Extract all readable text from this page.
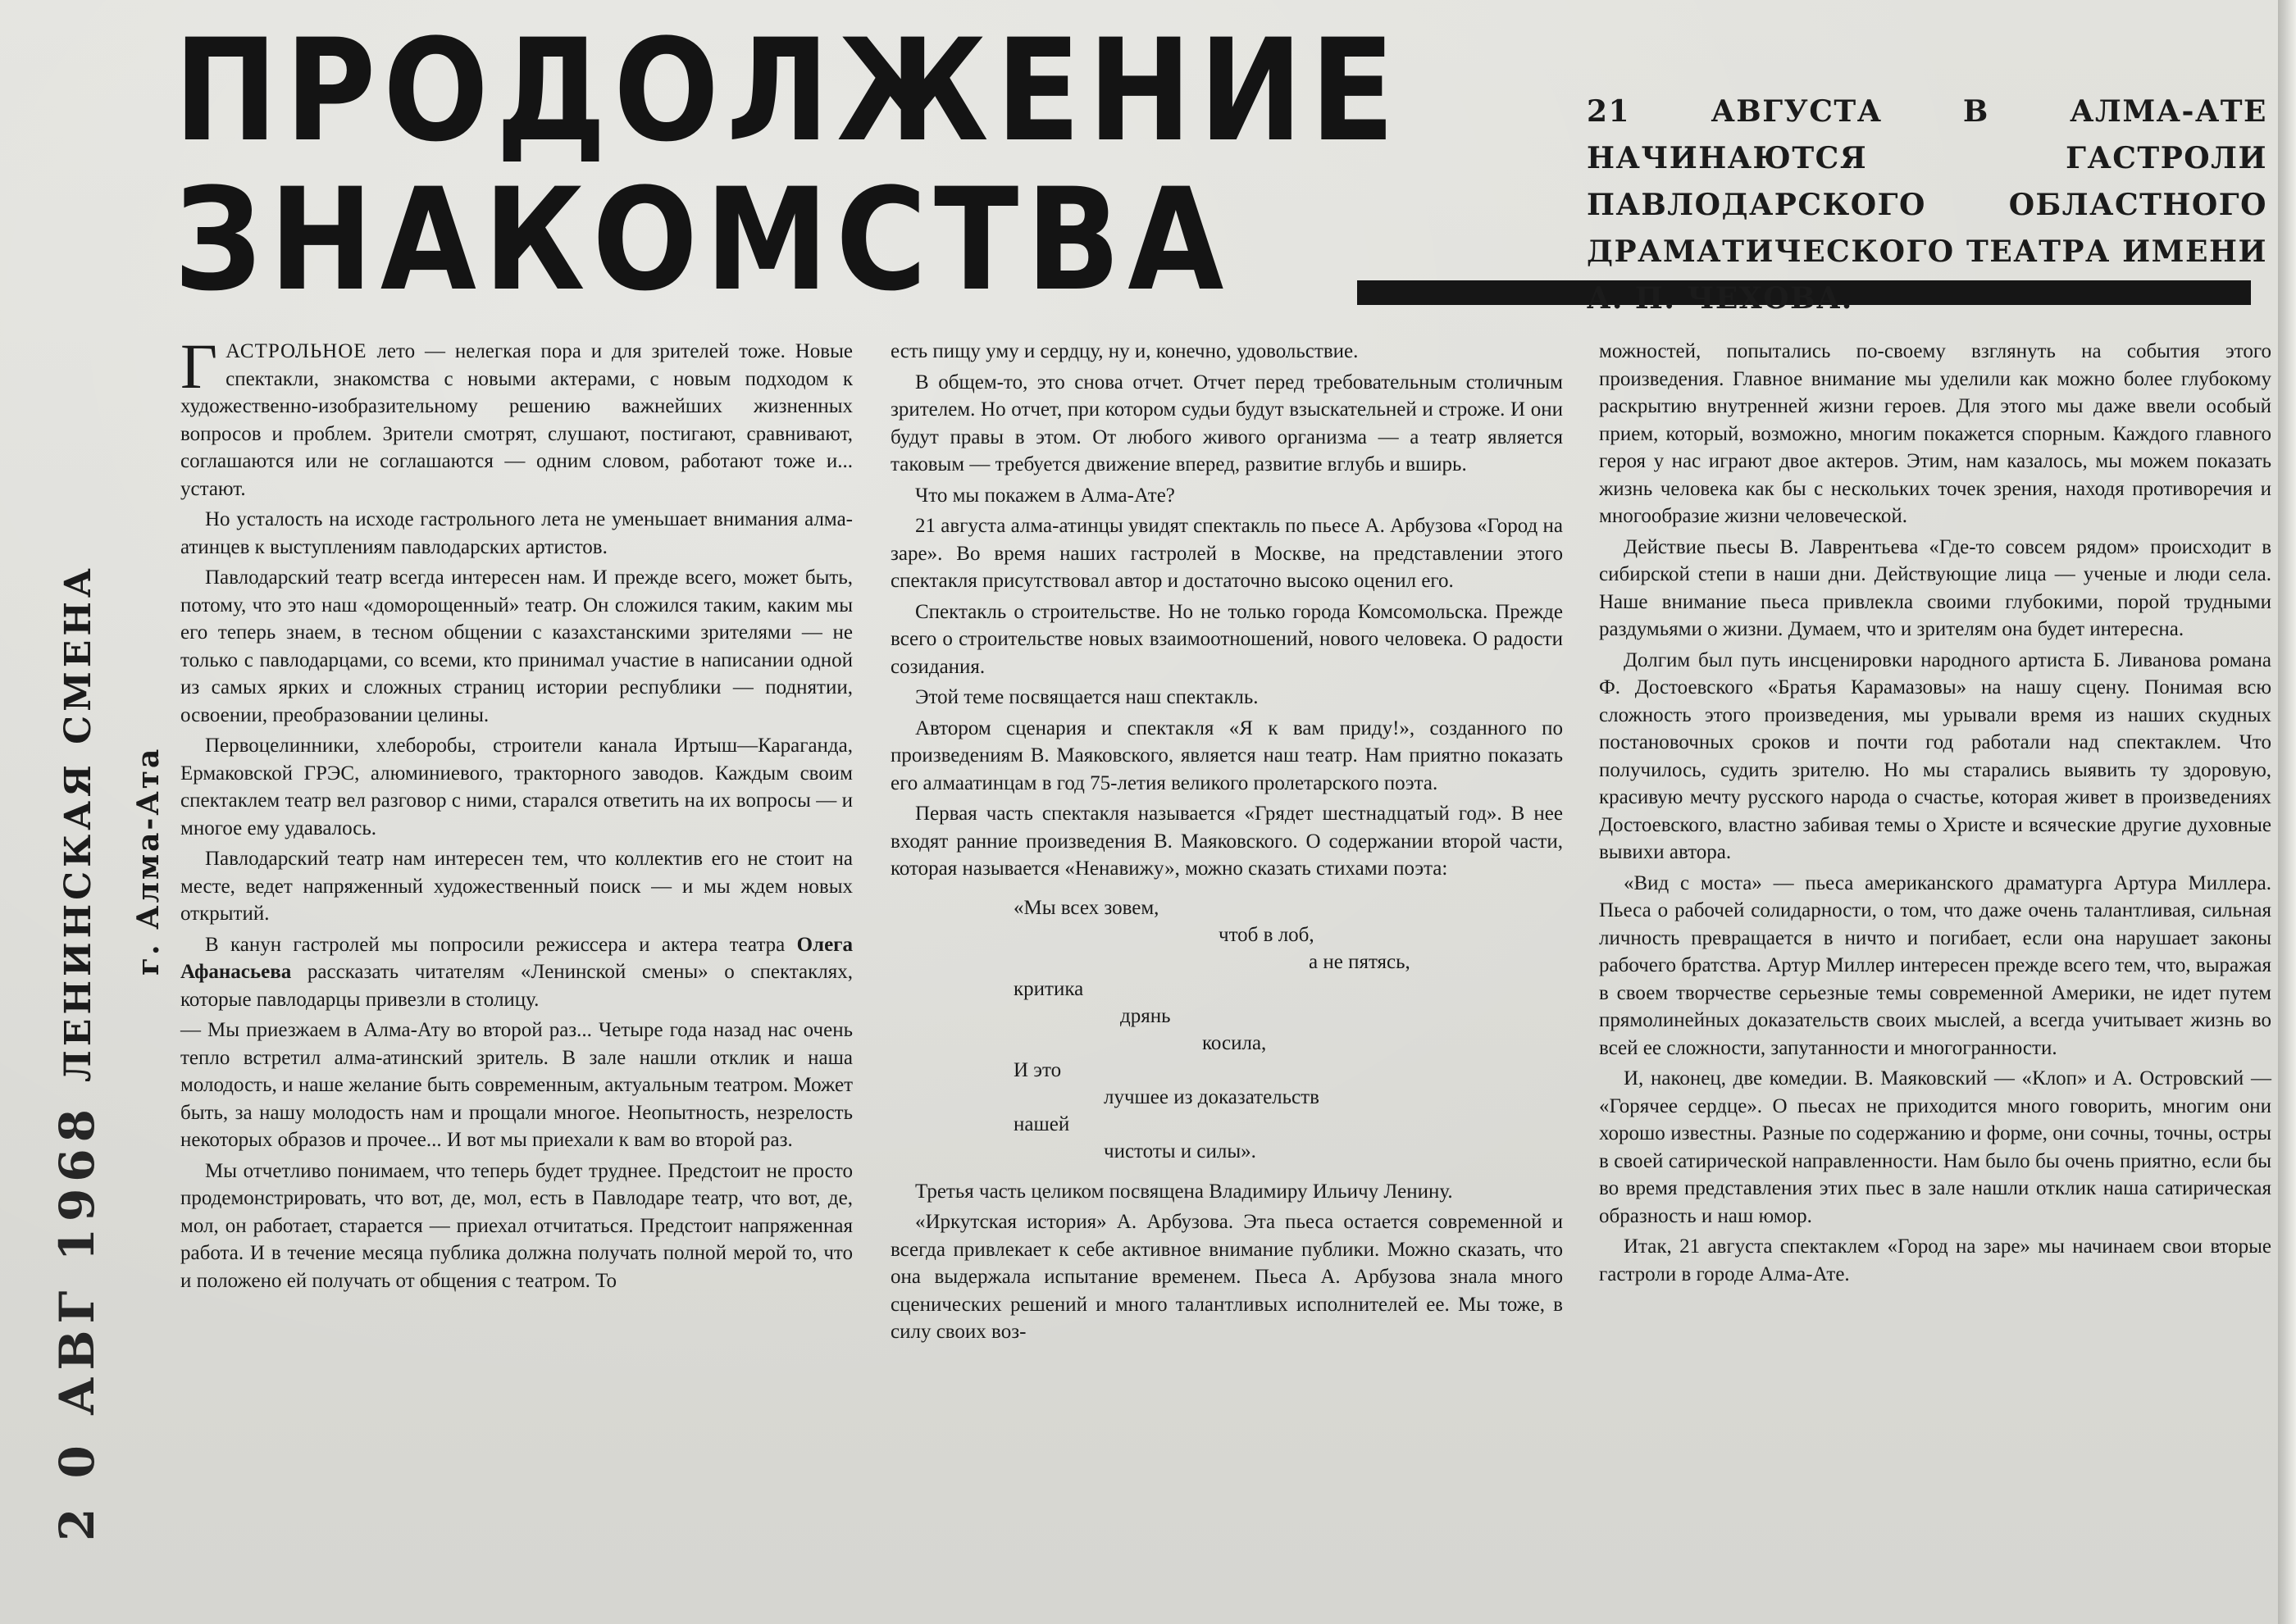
ПРОДОЛЖЕНИЕ
ЗНАКОМСТВА

21 АВГУСТА В АЛМА-АТЕ НАЧИНАЮТСЯ ГАСТРОЛИ ПАВЛОДАРСКОГО ОБЛАСТНОГО ДРАМАТИЧЕСКОГО ТЕАТРА ИМЕНИ А. П. ЧЕХОВА.

ЛЕНИНСКАЯ СМЕНА г. Алма-Ата
2 0 АВГ 1968

ГАСТРОЛЬНОЕ лето — нелегкая пора и для зрителей тоже. Новые спектакли, знакомства с новыми актерами, с новым подходом к художественно-изобразительному решению важнейших жизненных вопросов и проблем. Зрители смотрят, слушают, постигают, сравнивают, соглашаются или не соглашаются — одним словом, работают тоже и... устают.

Но усталость на исходе гастрольного лета не уменьшает внимания алма-атинцев к выступлениям павлодарских артистов.

Павлодарский театр всегда интересен нам. И прежде всего, может быть, потому, что это наш «доморощенный» театр. Он сложился таким, каким мы его теперь знаем, в тесном общении с казахстанскими зрителями — не только с павлодарцами, со всеми, кто принимал участие в написании одной из самых ярких и сложных страниц истории республики — поднятии, освоении, преобразовании целины.

Первоцелинники, хлеборобы, строители канала Иртыш—Караганда, Ермаковской ГРЭС, алюминиевого, тракторного заводов. Каждым своим спектаклем театр вел разговор с ними, старался ответить на их вопросы — и многое ему удавалось.

Павлодарский театр нам интересен тем, что коллектив его не стоит на месте, ведет напряженный художественный поиск — и мы ждем новых открытий.

В канун гастролей мы попросили режиссера и актера театра Олега Афанасьева рассказать читателям «Ленинской смены» о спектаклях, которые павлодарцы привезли в столицу.

— Мы приезжаем в Алма-Ату во второй раз... Четыре года назад нас очень тепло встретил алма-атинский зритель. В зале нашли отклик и наша молодость, и наше желание быть современным, актуальным театром. Может быть, за нашу молодость нам и прощали многое. Неопытность, незрелость некоторых образов и прочее... И вот мы приехали к вам во второй раз.

Мы отчетливо понимаем, что теперь будет труднее. Предстоит не просто продемонстрировать, что вот, де, мол, есть в Павлодаре театр, что вот, де, мол, он работает, старается — приехал отчитаться. Предстоит напряженная работа. И в течение месяца публика должна получать полной мерой то, что и положено ей получать от общения с театром. То

есть пищу уму и сердцу, ну и, конечно, удовольствие.

В общем-то, это снова отчет. Отчет перед требовательным столичным зрителем. Но отчет, при котором судьи будут взыскательней и строже. И они будут правы в этом. От любого живого организма — а театр является таковым — требуется движение вперед, развитие вглубь и вширь.

Что мы покажем в Алма-Ате?

21 августа алма-атинцы увидят спектакль по пьесе А. Арбузова «Город на заре». Во время наших гастролей в Москве, на представлении этого спектакля присутствовал автор и достаточно высоко оценил его.

Спектакль о строительстве. Но не только города Комсомольска. Прежде всего о строительстве новых взаимоотношений, нового человека. О радости созидания.

Этой теме посвящается наш спектакль.

Автором сценария и спектакля «Я к вам приду!», созданного по произведениям В. Маяковского, является наш театр. Нам приятно показать его алмаатинцам в год 75-летия великого пролетарского поэта.

Первая часть спектакля называется «Грядет шестнадцатый год». В нее входят ранние произведения В. Маяковского. О содержании второй части, которая называется «Ненавижу», можно сказать стихами поэта:

«Мы всех зовем,
чтоб в лоб,
а не пятясь,
критика
дрянь
косила,
И это
лучшее из доказательств
нашей
чистоты и силы».

Третья часть целиком посвящена Владимиру Ильичу Ленину.

«Иркутская история» А. Арбузова. Эта пьеса остается современной и всегда привлекает к себе активное внимание публики. Можно сказать, что она выдержала испытание временем. Пьеса А. Арбузова знала много сценических решений и много талантливых исполнителей ее. Мы тоже, в силу своих воз-

можностей, попытались по-своему взглянуть на события этого произведения. Главное внимание мы уделили как можно более глубокому раскрытию внутренней жизни героев. Для этого мы даже ввели особый прием, который, возможно, многим покажется спорным. Каждого главного героя у нас играют двое актеров. Этим, нам казалось, мы можем показать жизнь человека как бы с нескольких точек зрения, находя противоречия и многообразие жизни человеческой.

Действие пьесы В. Лаврентьева «Где-то совсем рядом» происходит в сибирской степи в наши дни. Действующие лица — ученые и люди села. Наше внимание пьеса привлекла своими глубокими, порой трудными раздумьями о жизни. Думаем, что и зрителям она будет интересна.

Долгим был путь инсценировки народного артиста Б. Ливанова романа Ф. Достоевского «Братья Карамазовы» на нашу сцену. Понимая всю сложность этого произведения, мы урывали время из наших скудных постановочных сроков и почти год работали над спектаклем. Что получилось, судить зрителю. Но мы старались выявить ту здоровую, красивую мечту русского народа о счастье, которая живет в произведениях Достоевского, властно забивая темы о Христе и всяческие другие духовные вывихи автора.

«Вид с моста» — пьеса американского драматурга Артура Миллера. Пьеса о рабочей солидарности, о том, что даже очень талантливая, сильная личность превращается в ничто и погибает, если она нарушает законы рабочего братства. Артур Миллер интересен прежде всего тем, что, выражая в своем творчестве серьезные темы современной Америки, не идет путем прямолинейных доказательств своих мыслей, а всегда учитывает жизнь во всей ее сложности, запутанности и многогранности.

И, наконец, две комедии. В. Маяковский — «Клоп» и А. Островский — «Горячее сердце». О пьесах не приходится много говорить, многим они хорошо известны. Разные по содержанию и форме, они сочны, точны, остры в своей сатирической направленности. Нам было бы очень приятно, если бы во время представления этих пьес в зале нашли отклик наша сатирическая образность и наш юмор.

Итак, 21 августа спектаклем «Город на заре» мы начинаем свои вторые гастроли в городе Алма-Ате.
